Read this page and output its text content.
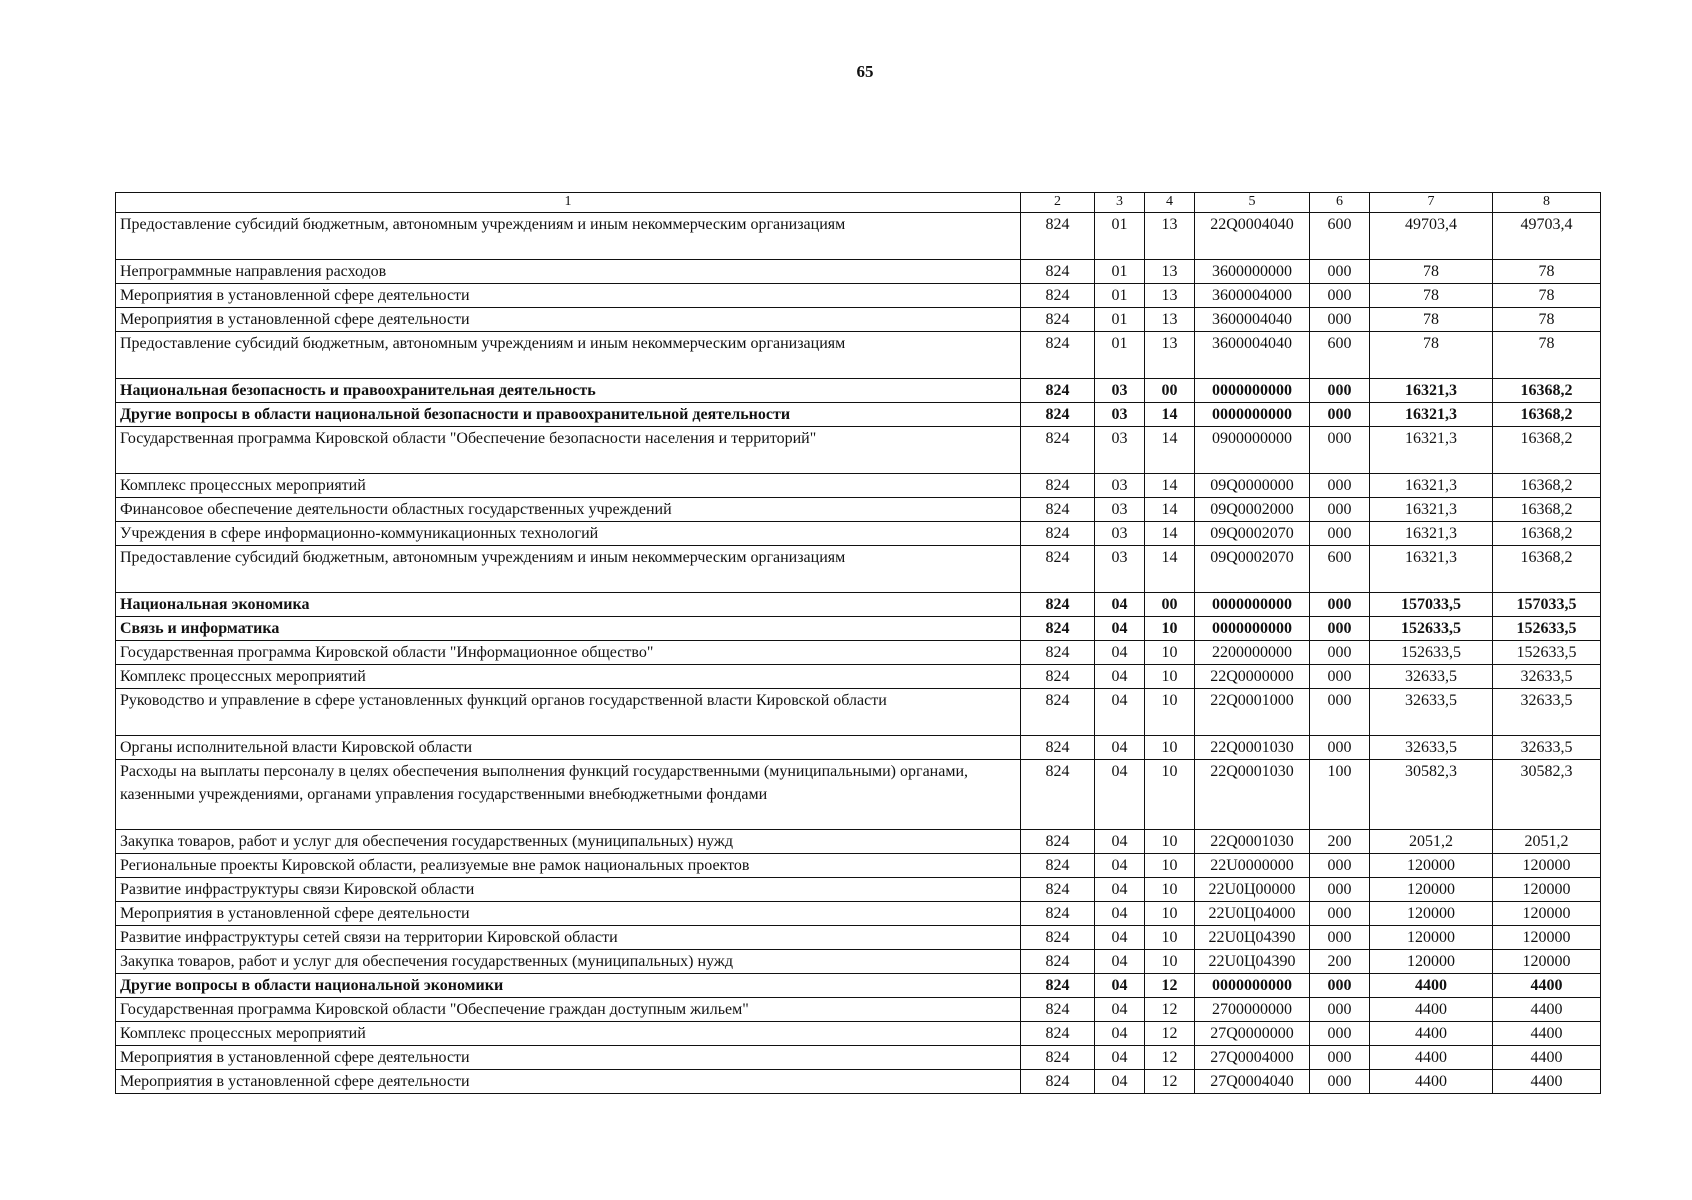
65
1	2	3	4	5	6	7	8
Предоставление субсидий бюджетным, автономным учреждениям и иным некоммерческим организациям	824	01	13	22Q0004040	600	49703,4	49703,4
Непрограммные направления расходов	824	01	13	3600000000	000	78	78
Мероприятия в установленной сфере деятельности	824	01	13	3600004000	000	78	78
Мероприятия в установленной сфере деятельности	824	01	13	3600004040	000	78	78
Предоставление субсидий бюджетным, автономным учреждениям и иным некоммерческим организациям	824	01	13	3600004040	600	78	78
Национальная безопасность и правоохранительная деятельность	824	03	00	0000000000	000	16321,3	16368,2
Другие вопросы в области национальной безопасности и правоохранительной деятельности	824	03	14	0000000000	000	16321,3	16368,2
Государственная программа Кировской области "Обеспечение безопасности населения и территорий"	824	03	14	0900000000	000	16321,3	16368,2
Комплекс процессных мероприятий	824	03	14	09Q0000000	000	16321,3	16368,2
Финансовое обеспечение деятельности областных государственных учреждений	824	03	14	09Q0002000	000	16321,3	16368,2
Учреждения в сфере информационно-коммуникационных технологий	824	03	14	09Q0002070	000	16321,3	16368,2
Предоставление субсидий бюджетным, автономным учреждениям и иным некоммерческим организациям	824	03	14	09Q0002070	600	16321,3	16368,2
Национальная экономика	824	04	00	0000000000	000	157033,5	157033,5
Связь и информатика	824	04	10	0000000000	000	152633,5	152633,5
Государственная программа Кировской области "Информационное общество"	824	04	10	2200000000	000	152633,5	152633,5
Комплекс процессных мероприятий	824	04	10	22Q0000000	000	32633,5	32633,5
Руководство и управление в сфере установленных функций органов государственной власти Кировской области	824	04	10	22Q0001000	000	32633,5	32633,5
Органы исполнительной власти Кировской области	824	04	10	22Q0001030	000	32633,5	32633,5
Расходы на выплаты персоналу в целях обеспечения выполнения функций государственными (муниципальными) органами, казенными учреждениями, органами управления государственными внебюджетными фондами	824	04	10	22Q0001030	100	30582,3	30582,3
Закупка товаров, работ и услуг для обеспечения государственных (муниципальных) нужд	824	04	10	22Q0001030	200	2051,2	2051,2
Региональные проекты Кировской области, реализуемые вне рамок национальных проектов	824	04	10	22U0000000	000	120000	120000
Развитие инфраструктуры связи Кировской области	824	04	10	22U0Ц00000	000	120000	120000
Мероприятия в установленной сфере деятельности	824	04	10	22U0Ц04000	000	120000	120000
Развитие инфраструктуры сетей связи на территории Кировской области	824	04	10	22U0Ц04390	000	120000	120000
Закупка товаров, работ и услуг для обеспечения государственных (муниципальных) нужд	824	04	10	22U0Ц04390	200	120000	120000
Другие вопросы в области национальной экономики	824	04	12	0000000000	000	4400	4400
Государственная программа Кировской области "Обеспечение граждан доступным жильем"	824	04	12	2700000000	000	4400	4400
Комплекс процессных мероприятий	824	04	12	27Q0000000	000	4400	4400
Мероприятия в установленной сфере деятельности	824	04	12	27Q0004000	000	4400	4400
Мероприятия в установленной сфере деятельности	824	04	12	27Q0004040	000	4400	4400
